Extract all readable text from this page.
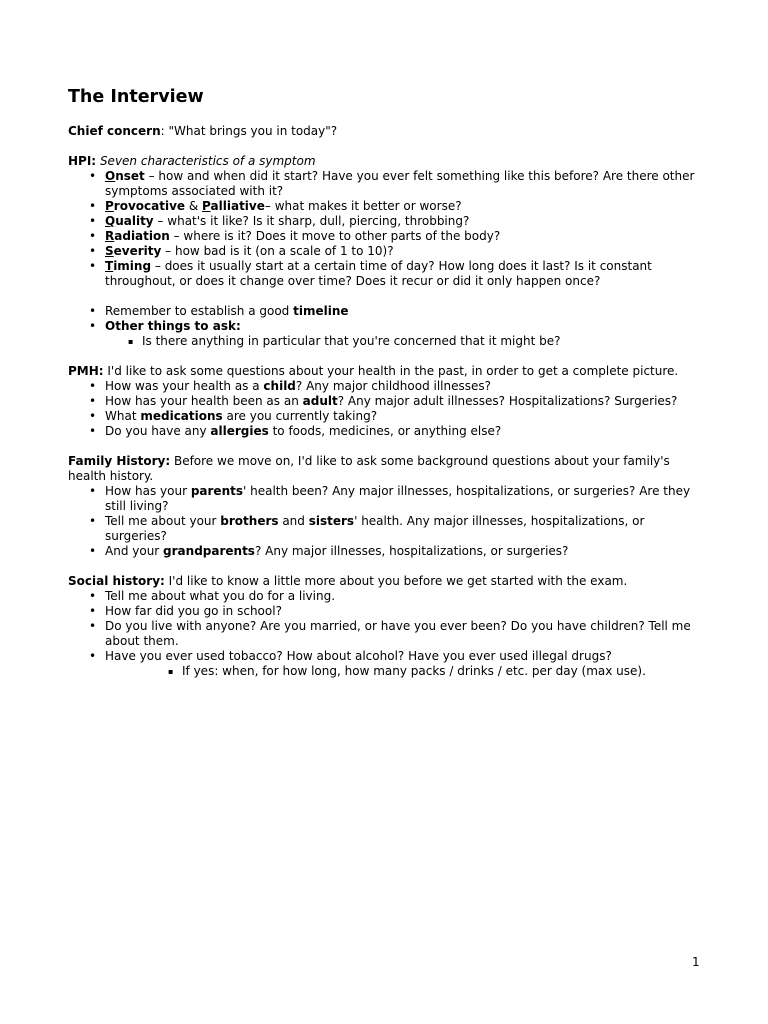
The Interview

Chief concern: "What brings you in today"?

HPI: Seven characteristics of a symptom

• Onset – how and when did it start? Have you ever felt something like this before? Are there other symptoms associated with it?
• Provocative & Palliative– what makes it better or worse?
• Quality – what's it like? Is it sharp, dull, piercing, throbbing?
• Radiation – where is it? Does it move to other parts of the body?
• Severity – how bad is it (on a scale of 1 to 10)?
• Timing – does it usually start at a certain time of day? How long does it last? Is it constant throughout, or does it change over time? Does it recur or did it only happen once?
• Remember to establish a good timeline
• Other things to ask:
▪ Is there anything in particular that you're concerned that it might be?

PMH: I'd like to ask some questions about your health in the past, in order to get a complete picture.

• How was your health as a child? Any major childhood illnesses?
• How has your health been as an adult? Any major adult illnesses? Hospitalizations? Surgeries?
• What medications are you currently taking?
• Do you have any allergies to foods, medicines, or anything else?

Family History: Before we move on, I'd like to ask some background questions about your family's health history.

• How has your parents' health been? Any major illnesses, hospitalizations, or surgeries? Are they still living?
• Tell me about your brothers and sisters' health. Any major illnesses, hospitalizations, or surgeries?
• And your grandparents? Any major illnesses, hospitalizations, or surgeries?

Social history: I'd like to know a little more about you before we get started with the exam.

• Tell me about what you do for a living.
• How far did you go in school?
• Do you live with anyone? Are you married, or have you ever been? Do you have children? Tell me about them.
• Have you ever used tobacco? How about alcohol? Have you ever used illegal drugs?
▪ If yes: when, for how long, how many packs / drinks / etc. per day (max use).
1
